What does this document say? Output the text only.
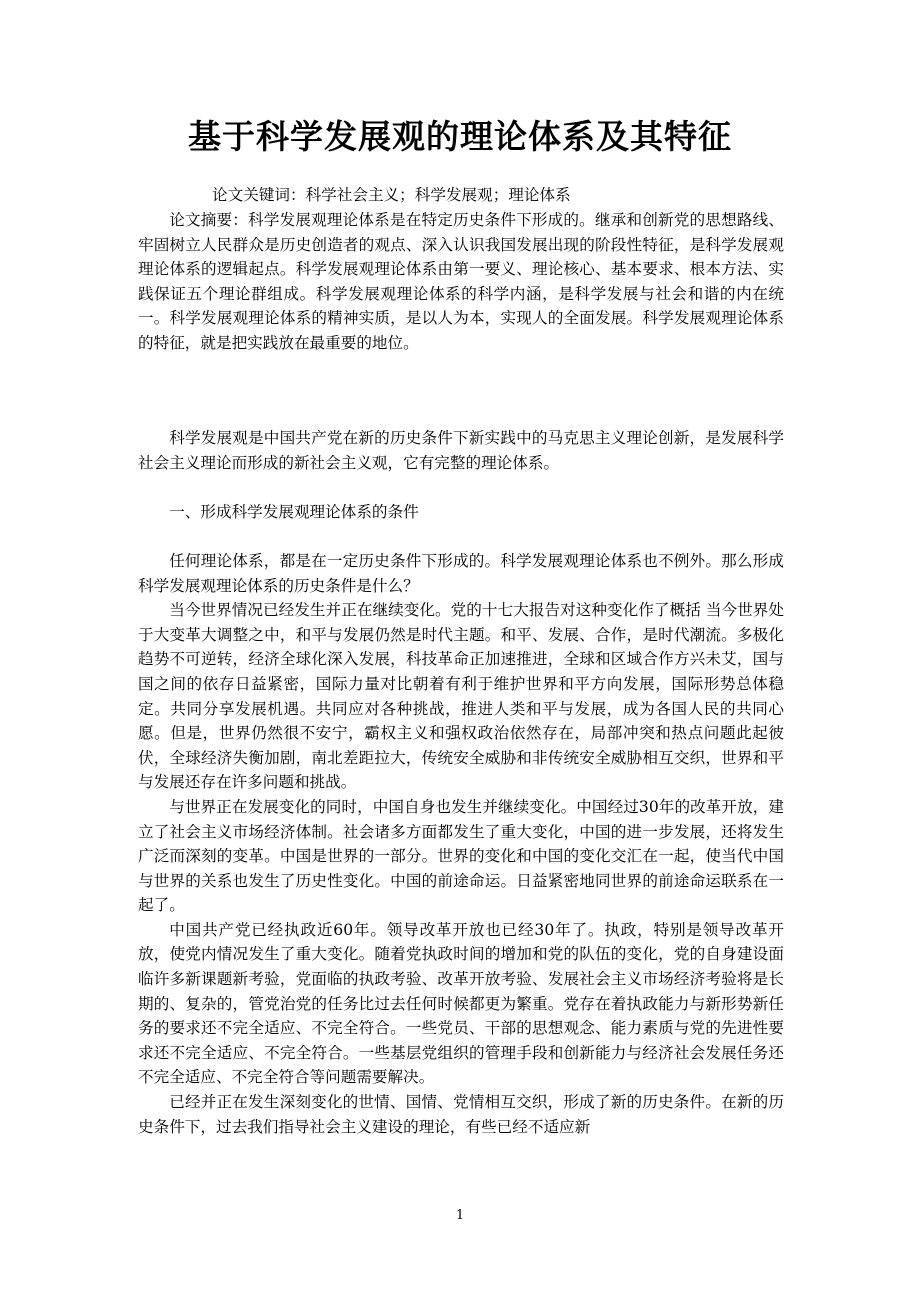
基于科学发展观的理论体系及其特征
论文关键词：科学社会主义；科学发展观；理论体系

论文摘要：科学发展观理论体系是在特定历史条件下形成的。继承和创新党的思想路线、牢固树立人民群众是历史创造者的观点、深入认识我国发展出现的阶段性特征，是科学发展观理论体系的逻辑起点。科学发展观理论体系由第一要义、理论核心、基本要求、根本方法、实践保证五个理论群组成。科学发展观理论体系的科学内涵，是科学发展与社会和谐的内在统一。科学发展观理论体系的精神实质，是以人为本，实现人的全面发展。科学发展观理论体系的特征，就是把实践放在最重要的地位。

科学发展观是中国共产党在新的历史条件下新实践中的马克思主义理论创新，是发展科学社会主义理论而形成的新社会主义观，它有完整的理论体系。

一、形成科学发展观理论体系的条件

任何理论体系，都是在一定历史条件下形成的。科学发展观理论体系也不例外。那么形成科学发展观理论体系的历史条件是什么？

当今世界情况已经发生并正在继续变化。党的十七大报告对这种变化作了概括 当今世界处于大变革大调整之中，和平与发展仍然是时代主题。和平、发展、合作，是时代潮流。多极化趋势不可逆转，经济全球化深入发展，科技革命正加速推进，全球和区域合作方兴未艾，国与国之间的依存日益紧密，国际力量对比朝着有利于维护世界和平方向发展，国际形势总体稳定。共同分享发展机遇。共同应对各种挑战，推进人类和平与发展，成为各国人民的共同心愿。但是，世界仍然很不安宁，霸权主义和强权政治依然存在，局部冲突和热点问题此起彼伏，全球经济失衡加剧，南北差距拉大，传统安全威胁和非传统安全威胁相互交织，世界和平与发展还存在许多问题和挑战。

与世界正在发展变化的同时，中国自身也发生并继续变化。中国经过30年的改革开放，建立了社会主义市场经济体制。社会诸多方面都发生了重大变化，中国的进一步发展，还将发生广泛而深刻的变革。中国是世界的一部分。世界的变化和中国的变化交汇在一起，使当代中国与世界的关系也发生了历史性变化。中国的前途命运。日益紧密地同世界的前途命运联系在一起了。

中国共产党已经执政近60年。领导改革开放也已经30年了。执政，特别是领导改革开放，使党内情况发生了重大变化。随着党执政时间的增加和党的队伍的变化，党的自身建设面临许多新课题新考验，党面临的执政考验、改革开放考验、发展社会主义市场经济考验将是长期的、复杂的，管党治党的任务比过去任何时候都更为繁重。党存在着执政能力与新形势新任务的要求还不完全适应、不完全符合。一些党员、干部的思想观念、能力素质与党的先进性要求还不完全适应、不完全符合。一些基层党组织的管理手段和创新能力与经济社会发展任务还不完全适应、不完全符合等问题需要解决。

已经并正在发生深刻变化的世情、国情、党情相互交织，形成了新的历史条件。在新的历史条件下，过去我们指导社会主义建设的理论，有些已经不适应新

1
